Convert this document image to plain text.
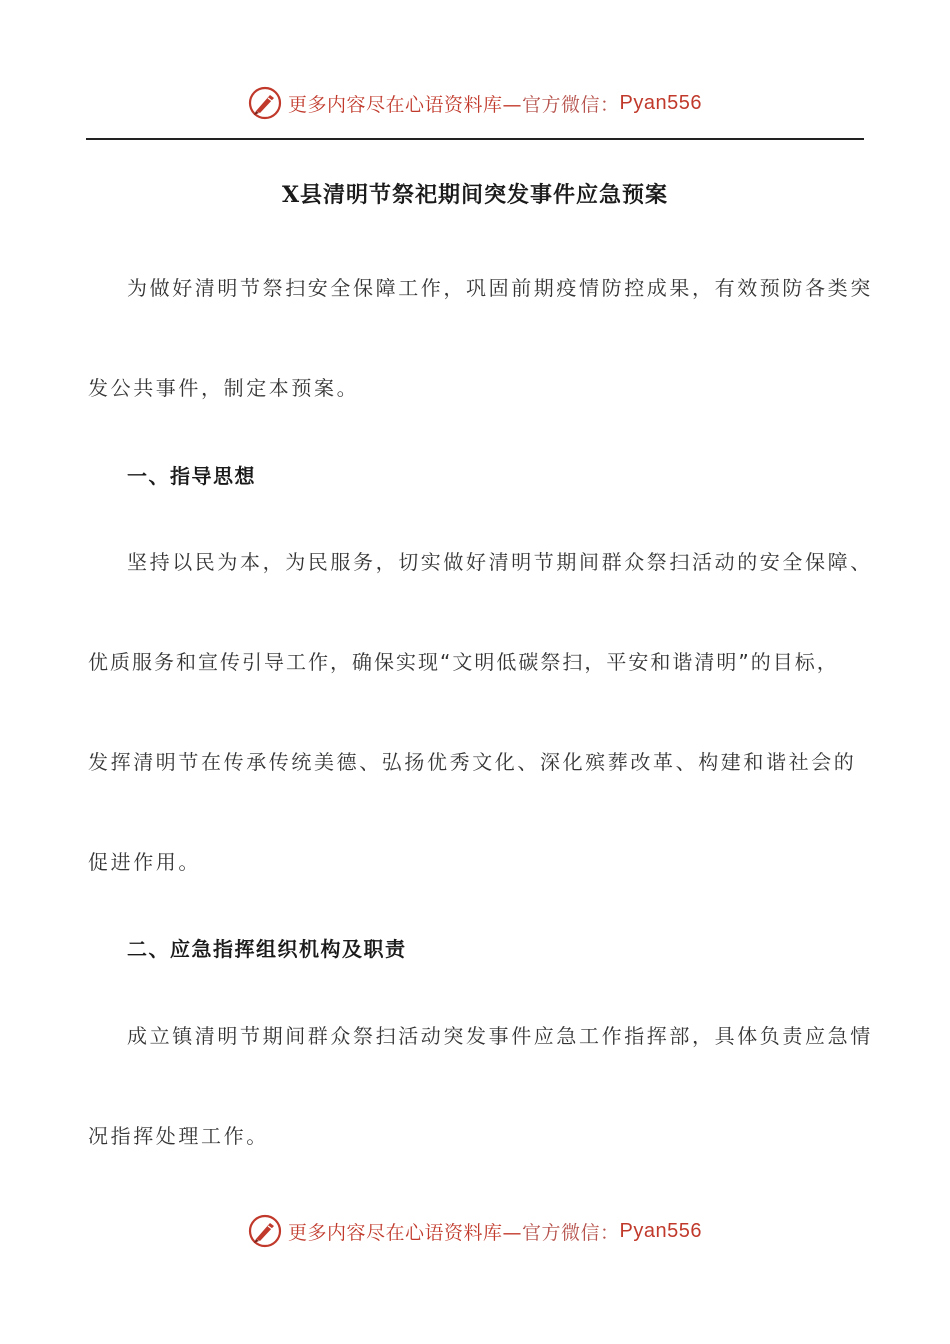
更多内容尽在心语资料库— 官方微信： Pyan556
X县清明节祭祀期间突发事件应急预案
为做好清明节祭扫安全保障工作，巩固前期疫情防控成果，有效预防各类突
发公共事件，制定本预案。
一、指导思想
坚持以民为本，为民服务，切实做好清明节期间群众祭扫活动的安全保障、
优质服务和宣传引导工作，确保实现“文明低碳祭扫，平安和谐清明”的目标，
发挥清明节在传承传统美德、弘扬优秀文化、深化殡葬改革、构建和谐社会的
促进作用。
二、应急指挥组织机构及职责
成立镇清明节期间群众祭扫活动突发事件应急工作指挥部，具体负责应急情
况指挥处理工作。
更多内容尽在心语资料库— 官方微信： Pyan556
